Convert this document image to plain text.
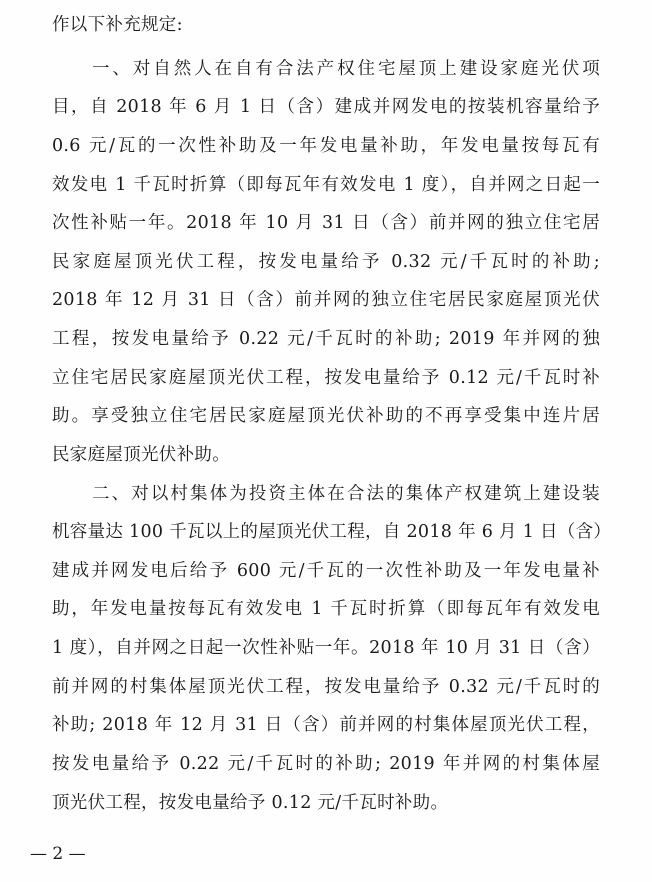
作以下补充规定:
一、对自然人在自有合法产权住宅屋顶上建设家庭光伏项
目，自 2018 年 6 月 1 日（含）建成并网发电的按装机容量给予
0.6 元/瓦的一次性补助及一年发电量补助，年发电量按每瓦有
效发电 1 千瓦时折算（即每瓦年有效发电 1 度），自并网之日起一
次性补贴一年。2018 年 10 月 31 日（含）前并网的独立住宅居
民家庭屋顶光伏工程，按发电量给予 0.32 元/千瓦时的补助;
2018 年 12 月 31 日（含）前并网的独立住宅居民家庭屋顶光伏
工程，按发电量给予 0.22 元/千瓦时的补助; 2019 年并网的独
立住宅居民家庭屋顶光伏工程，按发电量给予 0.12 元/千瓦时补
助。享受独立住宅居民家庭屋顶光伏补助的不再享受集中连片居
民家庭屋顶光伏补助。
二、对以村集体为投资主体在合法的集体产权建筑上建设装
机容量达 100 千瓦以上的屋顶光伏工程，自 2018 年 6 月 1 日（含）
建成并网发电后给予 600 元/千瓦的一次性补助及一年发电量补
助，年发电量按每瓦有效发电 1 千瓦时折算（即每瓦年有效发电
1 度），自并网之日起一次性补贴一年。2018 年 10 月 31 日（含）
前并网的村集体屋顶光伏工程，按发电量给予 0.32 元/千瓦时的
补助; 2018 年 12 月 31 日（含）前并网的村集体屋顶光伏工程，
按发电量给予 0.22 元/千瓦时的补助; 2019 年并网的村集体屋
顶光伏工程，按发电量给予 0.12 元/千瓦时补助。
— 2 —
